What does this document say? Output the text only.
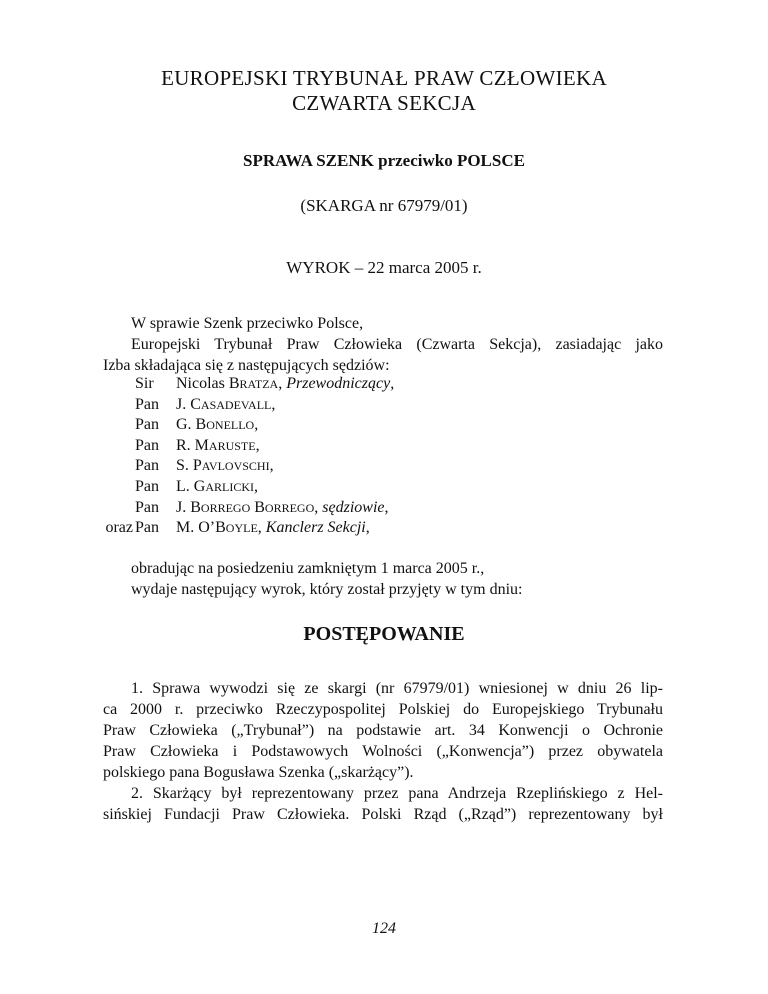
EUROPEJSKI TRYBUNAŁ PRAW CZŁOWIEKA
CZWARTA SEKCJA
SPRAWA SZENK przeciwko POLSCE
(SKARGA nr 67979/01)
WYROK – 22 marca 2005 r.
W sprawie Szenk przeciwko Polsce,
Europejski Trybunał Praw Człowieka (Czwarta Sekcja), zasiadając jako
Izba składająca się z następujących sędziów:
Sir Nicolas BRATZA, Przewodniczący,
Pan J. CASADEVALL,
Pan G. BONELLO,
Pan R. MARUSTE,
Pan S. PAVLOVSCHI,
Pan L. GARLICKI,
Pan J. BORREGO BORREGO, sędziowie,
oraz Pan M. O’BOYLE, Kanclerz Sekcji,
obradując na posiedzeniu zamkniętym 1 marca 2005 r.,
wydaje następujący wyrok, który został przyjęty w tym dniu:
POSTĘPOWANIE
1. Sprawa wywodzi się ze skargi (nr 67979/01) wniesionej w dniu 26 lip-
ca 2000 r. przeciwko Rzeczypospolitej Polskiej do Europejskiego Trybunału
Praw Człowieka („Trybunał”) na podstawie art. 34 Konwencji o Ochronie
Praw Człowieka i Podstawowych Wolności („Konwencja”) przez obywatela
polskiego pana Bogusława Szenka („skarżący”).
2. Skarżący był reprezentowany przez pana Andrzeja Rzeplińskiego z Hel-
sińskiej Fundacji Praw Człowieka. Polski Rząd („Rząd”) reprezentowany był
124
